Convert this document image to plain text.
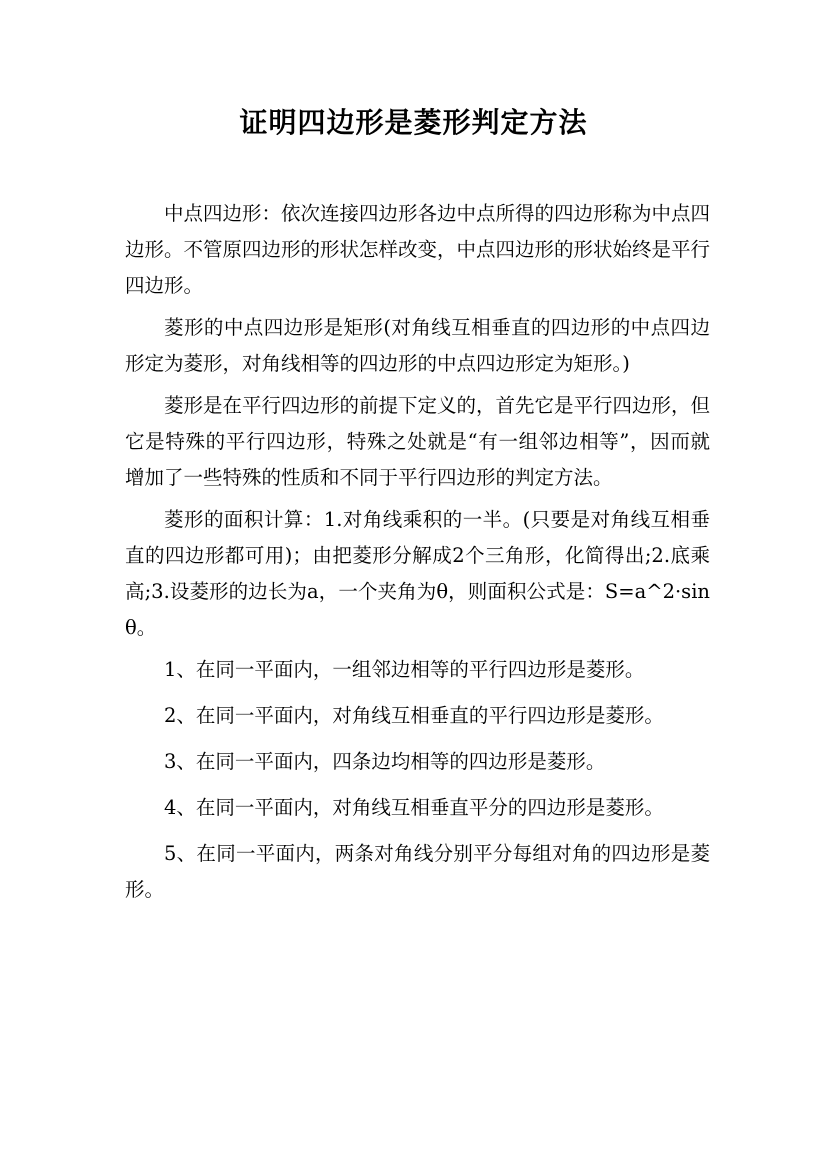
证明四边形是菱形判定方法

中点四边形：依次连接四边形各边中点所得的四边形称为中点四边形。不管原四边形的形状怎样改变，中点四边形的形状始终是平行四边形。

菱形的中点四边形是矩形(对角线互相垂直的四边形的中点四边形定为菱形，对角线相等的四边形的中点四边形定为矩形。)

菱形是在平行四边形的前提下定义的，首先它是平行四边形，但它是特殊的平行四边形，特殊之处就是“有一组邻边相等”，因而就增加了一些特殊的性质和不同于平行四边形的判定方法。

菱形的面积计算：1.对角线乘积的一半。(只要是对角线互相垂直的四边形都可用)；由把菱形分解成2个三角形，化简得出;2.底乘高;3.设菱形的边长为a，一个夹角为θ，则面积公式是：S=a^2·sinθ。

1、在同一平面内，一组邻边相等的平行四边形是菱形。

2、在同一平面内，对角线互相垂直的平行四边形是菱形。

3、在同一平面内，四条边均相等的四边形是菱形。

4、在同一平面内，对角线互相垂直平分的四边形是菱形。

5、在同一平面内，两条对角线分别平分每组对角的四边形是菱形。
